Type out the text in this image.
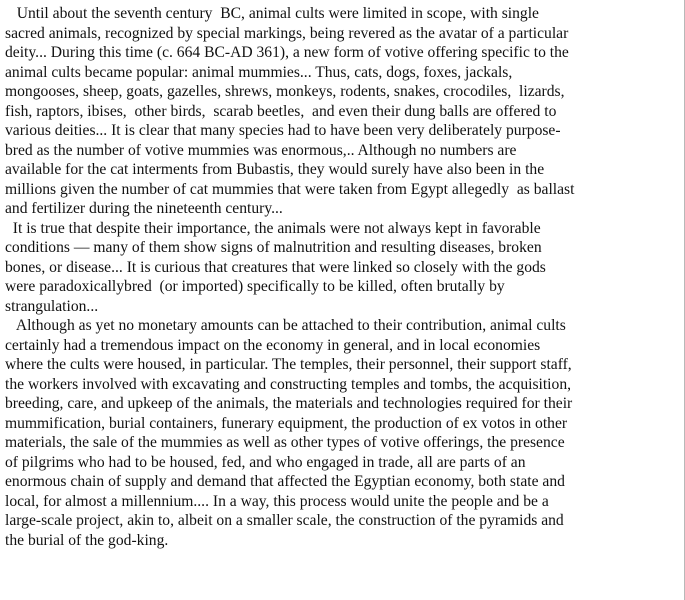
Until about the seventh century  BC, animal cults were limited in scope, with single
sacred animals, recognized by special markings, being revered as the avatar of a particular
deity... During this time (c. 664 BC-AD 361), a new form of votive offering specific to the
animal cults became popular: animal mummies... Thus, cats, dogs, foxes, jackals,
mongooses, sheep, goats, gazelles, shrews, monkeys, rodents, snakes, crocodiles,  lizards,
fish, raptors, ibises,  other birds,  scarab beetles,  and even their dung balls are offered to
various deities... It is clear that many species had to have been very deliberately purpose-
bred as the number of votive mummies was enormous,.. Although no numbers are
available for the cat interments from Bubastis, they would surely have also been in the
millions given the number of cat mummies that were taken from Egypt allegedly  as ballast
and fertilizer during the nineteenth century...
It is true that despite their importance, the animals were not always kept in favorable
conditions — many of them show signs of malnutrition and resulting diseases, broken
bones, or disease... It is curious that creatures that were linked so closely with the gods
were paradoxicallybred  (or imported) specifically to be killed, often brutally by
strangulation...
Although as yet no monetary amounts can be attached to their contribution, animal cults
certainly had a tremendous impact on the economy in general, and in local economies
where the cults were housed, in particular. The temples, their personnel, their support staff,
the workers involved with excavating and constructing temples and tombs, the acquisition,
breeding, care, and upkeep of the animals, the materials and technologies required for their
mummification, burial containers, funerary equipment, the production of ex votos in other
materials, the sale of the mummies as well as other types of votive offerings, the presence
of pilgrims who had to be housed, fed, and who engaged in trade, all are parts of an
enormous chain of supply and demand that affected the Egyptian economy, both state and
local, for almost a millennium.... In a way, this process would unite the people and be a
large-scale project, akin to, albeit on a smaller scale, the construction of the pyramids and
the burial of the god-king.
